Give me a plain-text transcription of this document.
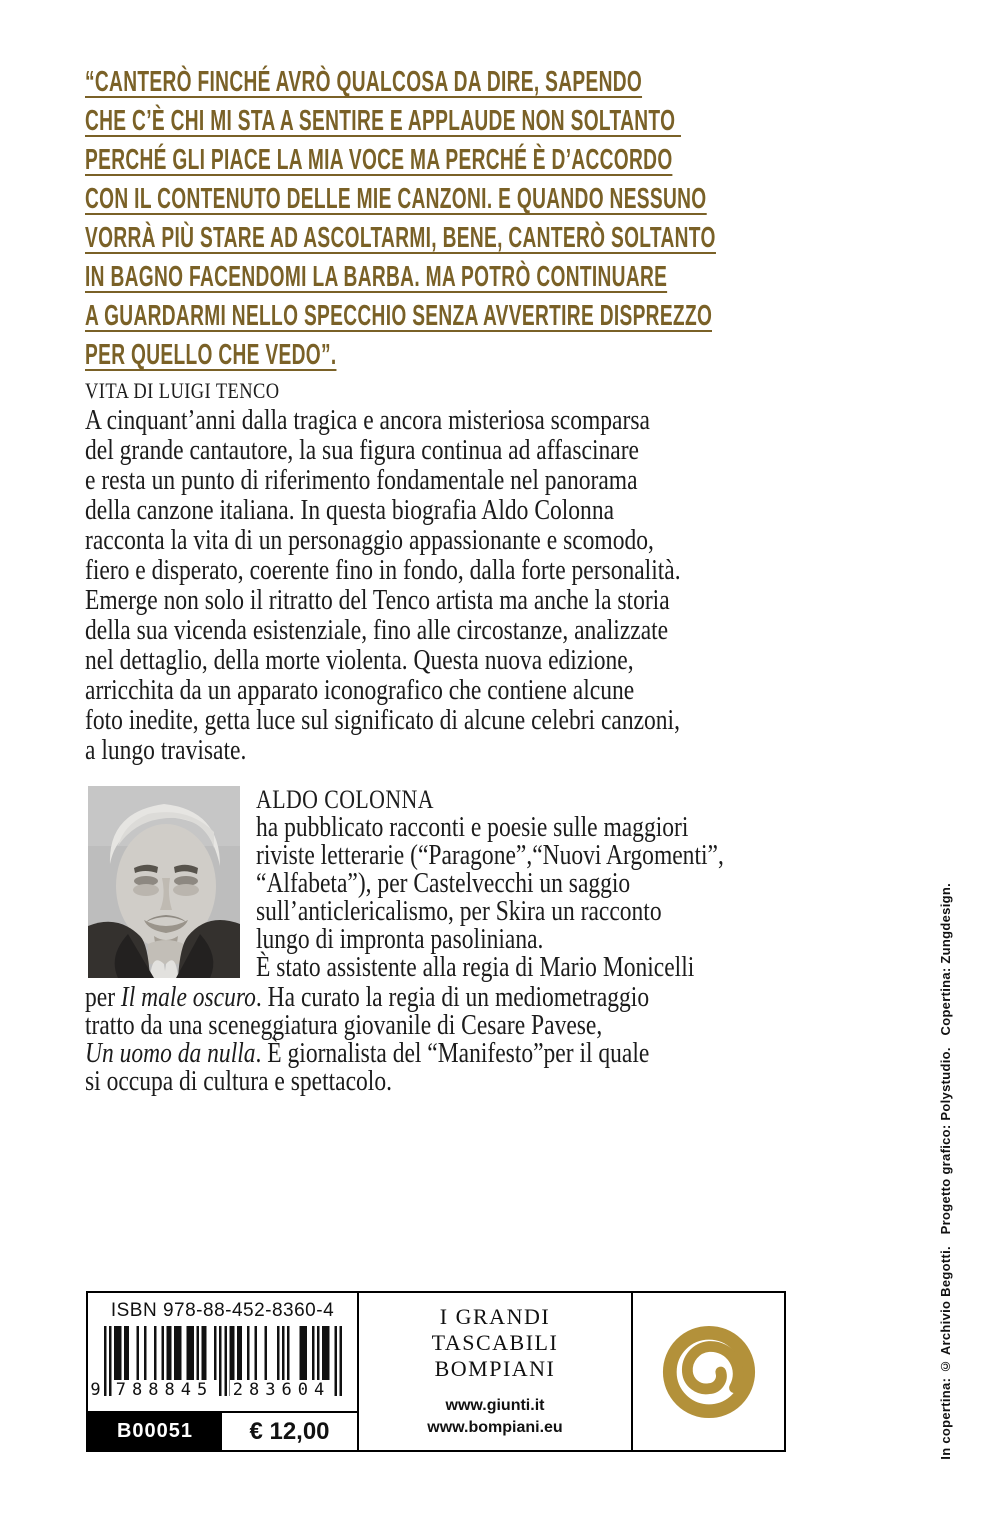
“CANTERÒ FINCHÉ AVRÒ QUALCOSA DA DIRE, SAPENDO
CHE C’È CHI MI STA A SENTIRE E APPLAUDE NON SOLTANTO
PERCHÉ GLI PIACE LA MIA VOCE MA PERCHÉ È D’ACCORDO
CON IL CONTENUTO DELLE MIE CANZONI. E QUANDO NESSUNO
VORRÀ PIÙ STARE AD ASCOLTARMI, BENE, CANTERÒ SOLTANTO
IN BAGNO FACENDOMI LA BARBA. MA POTRÒ CONTINUARE
A GUARDARMI NELLO SPECCHIO SENZA AVVERTIRE DISPREZZO
PER QUELLO CHE VEDO”.
VITA DI LUIGI TENCO
A cinquant’anni dalla tragica e ancora misteriosa scomparsa
del grande cantautore, la sua figura continua ad affascinare
e resta un punto di riferimento fondamentale nel panorama
della canzone italiana. In questa biografia Aldo Colonna
racconta la vita di un personaggio appassionante e scomodo,
fiero e disperato, coerente fino in fondo, dalla forte personalità.
Emerge non solo il ritratto del Tenco artista ma anche la storia
della sua vicenda esistenziale, fino alle circostanze, analizzate
nel dettaglio, della morte violenta. Questa nuova edizione,
arricchita da un apparato iconografico che contiene alcune
foto inedite, getta luce sul significato di alcune celebri canzoni,
a lungo travisate.
ALDO COLONNA
ha pubblicato racconti e poesie sulle maggiori
riviste letterarie (“Paragone”,“Nuovi Argomenti”,
“Alfabeta”), per Castelvecchi un saggio
sull’anticlericalismo, per Skira un racconto
lungo di impronta pasoliniana.
È stato assistente alla regia di Mario Monicelli
per Il male oscuro. Ha curato la regia di un mediometraggio
tratto da una sceneggiatura giovanile di Cesare Pavese,
Un uomo da nulla. È giornalista del “Manifesto”per il quale
si occupa di cultura e spettacolo.
ISBN 978-88-452-8360-4
9 788845 283604
B00051	€ 12,00
I GRANDI
TASCABILI
BOMPIANI
www.giunti.it
www.bompiani.eu	In copertina: © Archivio Begotti.   Progetto grafico: Polystudio.   Copertina: Zungdesign.
